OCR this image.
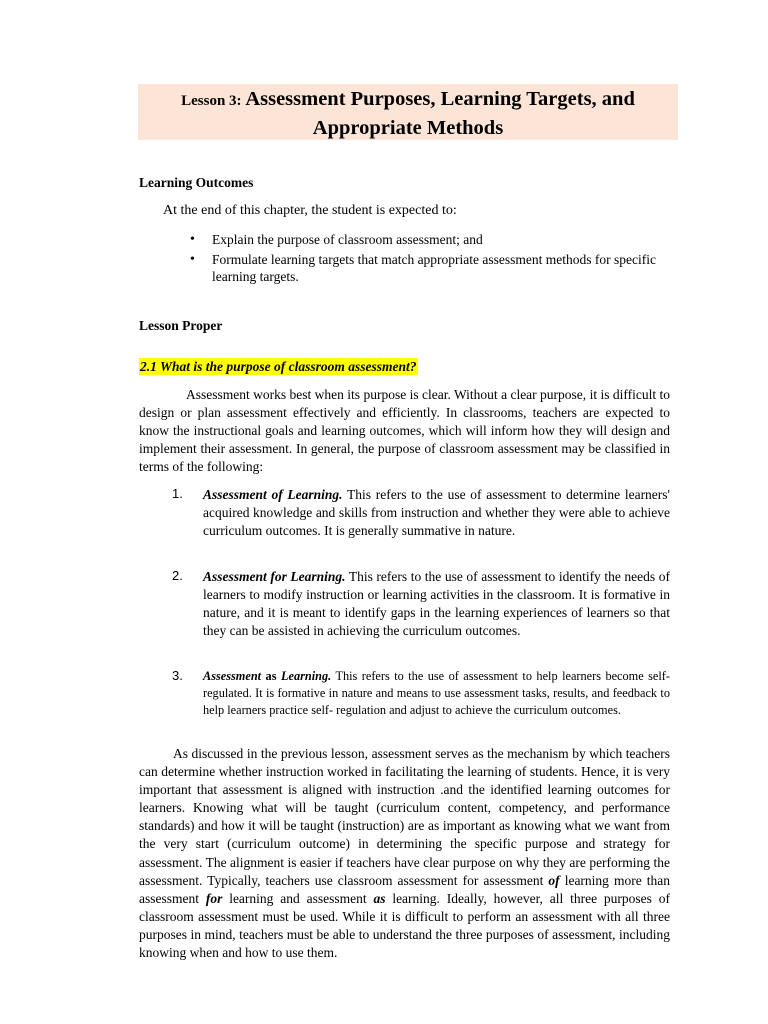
Lesson 3: Assessment Purposes, Learning Targets, and
Appropriate Methods
Learning Outcomes
At the end of this chapter, the student is expected to:
• Explain the purpose of classroom assessment; and
• Formulate learning targets that match appropriate assessment methods for specific learning targets.
Lesson Proper
2.1 What is the purpose of classroom assessment?

Assessment works best when its purpose is clear. Without a clear purpose, it is difficult to design or plan assessment effectively and efficiently. In classrooms, teachers are expected to know the instructional goals and learning outcomes, which will inform how they will design and implement their assessment. In general, the purpose of classroom assessment may be classified in terms of the following:

1. Assessment of Learning. This refers to the use of assessment to determine learners' acquired knowledge and skills from instruction and whether they were able to achieve curriculum outcomes. It is generally summative in nature.
2. Assessment for Learning. This refers to the use of assessment to identify the needs of learners to modify instruction or learning activities in the classroom. It is formative in nature, and it is meant to identify gaps in the learning experiences of learners so that they can be assisted in achieving the curriculum outcomes.
3. Assessment as Learning. This refers to the use of assessment to help learners become self-regulated. It is formative in nature and means to use assessment tasks, results, and feedback to help learners practice self- regulation and adjust to achieve the curriculum outcomes.

As discussed in the previous lesson, assessment serves as the mechanism by which teachers can determine whether instruction worked in facilitating the learning of students. Hence, it is very important that assessment is aligned with instruction .and the identified learning outcomes for learners. Knowing what will be taught (curriculum content, competency, and performance standards) and how it will be taught (instruction) are as important as knowing what we want from the very start (curriculum outcome) in determining the specific purpose and strategy for assessment. The alignment is easier if teachers have clear purpose on why they are performing the assessment. Typically, teachers use classroom assessment for assessment of learning more than assessment for learning and assessment as learning. Ideally, however, all three purposes of classroom assessment must be used. While it is difficult to perform an assessment with all three purposes in mind, teachers must be able to understand the three purposes of assessment, including knowing when and how to use them.
